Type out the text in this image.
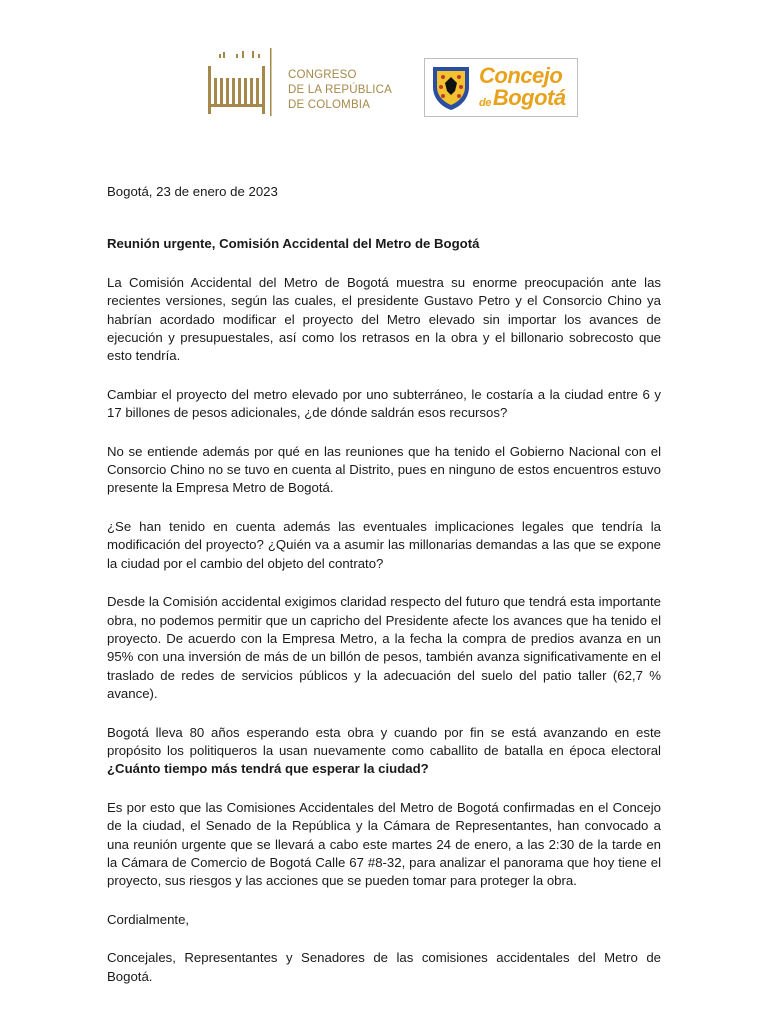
CONGRESO
DE LA REPÚBLICA
DE COLOMBIA
Concejo
deBogotá

Bogotá, 23 de enero de 2023

Reunión urgente, Comisión Accidental del Metro de Bogotá

La Comisión Accidental del Metro de Bogotá muestra su enorme preocupación ante las recientes versiones, según las cuales, el presidente Gustavo Petro y el Consorcio Chino ya habrían acordado modificar el proyecto del Metro elevado sin importar los avances de ejecución y presupuestales, así como los retrasos en la obra y el billonario sobrecosto que esto tendría.

Cambiar el proyecto del metro elevado por uno subterráneo, le costaría a la ciudad entre 6 y 17 billones de pesos adicionales, ¿de dónde saldrán esos recursos?

No se entiende además por qué en las reuniones que ha tenido el Gobierno Nacional con el Consorcio Chino no se tuvo en cuenta al Distrito, pues en ninguno de estos encuentros estuvo presente la Empresa Metro de Bogotá.

¿Se han tenido en cuenta además las eventuales implicaciones legales que tendría la modificación del proyecto? ¿Quién va a asumir las millonarias demandas a las que se expone la ciudad por el cambio del objeto del contrato?

Desde la Comisión accidental exigimos claridad respecto del futuro que tendrá esta importante obra, no podemos permitir que un capricho del Presidente afecte los avances que ha tenido el proyecto. De acuerdo con la Empresa Metro, a la fecha la compra de predios avanza en un 95% con una inversión de más de un billón de pesos, también avanza significativamente en el traslado de redes de servicios públicos y la adecuación del suelo del patio taller (62,7 % avance).

Bogotá lleva 80 años esperando esta obra y cuando por fin se está avanzando en este propósito los politiqueros la usan nuevamente como caballito de batalla en época electoral ¿Cuánto tiempo más tendrá que esperar la ciudad?

Es por esto que las Comisiones Accidentales del Metro de Bogotá confirmadas en el Concejo de la ciudad, el Senado de la República y la Cámara de Representantes, han convocado a una reunión urgente que se llevará a cabo este martes 24 de enero, a las 2:30 de la tarde en la Cámara de Comercio de Bogotá Calle 67 #8-32, para analizar el panorama que hoy tiene el proyecto, sus riesgos y las acciones que se pueden tomar para proteger la obra.

Cordialmente,

Concejales, Representantes y Senadores de las comisiones accidentales del Metro de Bogotá.
